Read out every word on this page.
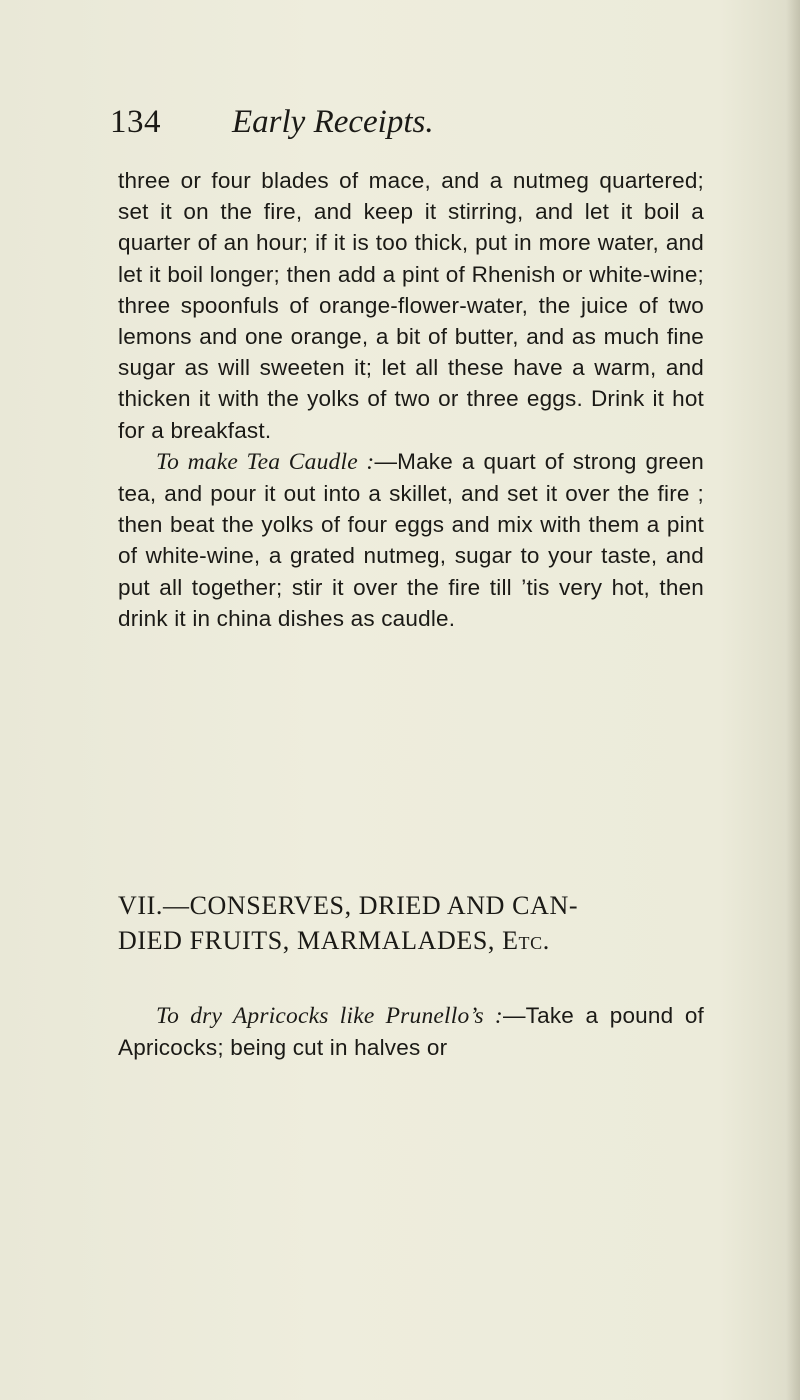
134 Early Receipts.

three or four blades of mace, and a nutmeg quartered; set it on the fire, and keep it stirring, and let it boil a quarter of an hour; if it is too thick, put in more water, and let it boil longer; then add a pint of Rhenish or white-wine; three spoonfuls of orange-flower-water, the juice of two lemons and one orange, a bit of butter, and as much fine sugar as will sweeten it; let all these have a warm, and thicken it with the yolks of two or three eggs. Drink it hot for a breakfast.

To make Tea Caudle :—Make a quart of strong green tea, and pour it out into a skillet, and set it over the fire ; then beat the yolks of four eggs and mix with them a pint of white-wine, a grated nutmeg, sugar to your taste, and put all together; stir it over the fire till ’tis very hot, then drink it in china dishes as caudle.

VII.—CONSERVES, DRIED AND CAN-
DIED FRUITS, MARMALADES, Etc.

To dry Apricocks like Prunello’s :—Take a pound of Apricocks; being cut in halves or
